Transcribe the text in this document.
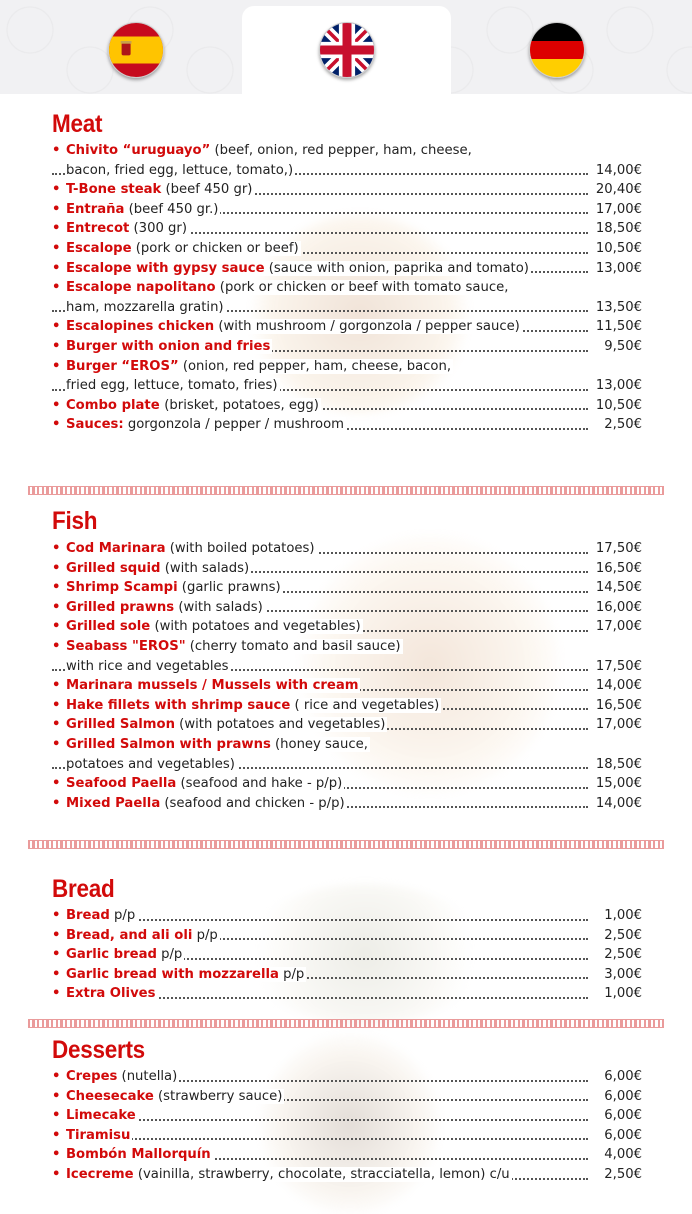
Meat
• Chivito “uruguayo” (beef, onion, red pepper, ham, cheese,
bacon, fried egg, lettuce, tomato,)	14,00€
• T-Bone steak (beef 450 gr)	20,40€
• Entraña (beef 450 gr.)	17,00€
• Entrecot (300 gr)	18,50€
• Escalope (pork or chicken or beef)	10,50€
• Escalope with gypsy sauce (sauce with onion, paprika and tomato)	13,00€
• Escalope napolitano (pork or chicken or beef with tomato sauce,
ham, mozzarella gratin)	13,50€
• Escalopines chicken (with mushroom / gorgonzola / pepper sauce)	11,50€
• Burger with onion and fries	9,50€
• Burger “EROS” (onion, red pepper, ham, cheese, bacon,
fried egg, lettuce, tomato, fries)	13,00€
• Combo plate (brisket, potatoes, egg)	10,50€
• Sauces: gorgonzola / pepper / mushroom	2,50€
Fish
• Cod Marinara (with boiled potatoes)	17,50€
• Grilled squid (with salads)	16,50€
• Shrimp Scampi (garlic prawns)	14,50€
• Grilled prawns (with salads)	16,00€
• Grilled sole (with potatoes and vegetables)	17,00€
• Seabass "EROS" (cherry tomato and basil sauce)
with rice and vegetables	17,50€
• Marinara mussels / Mussels with cream	14,00€
• Hake fillets with shrimp sauce ( rice and vegetables)	16,50€
• Grilled Salmon (with potatoes and vegetables)	17,00€
• Grilled Salmon with prawns (honey sauce,
potatoes and vegetables)	18,50€
• Seafood Paella (seafood and hake - p/p)	15,00€
• Mixed Paella (seafood and chicken - p/p)	14,00€
Bread
• Bread p/p	1,00€
• Bread, and ali oli p/p	2,50€
• Garlic bread p/p	2,50€
• Garlic bread with mozzarella p/p	3,00€
• Extra Olives	1,00€
Desserts
• Crepes (nutella)	6,00€
• Cheesecake (strawberry sauce)	6,00€
• Limecake	6,00€
• Tiramisu	6,00€
• Bombón Mallorquín	4,00€
• Icecreme (vainilla, strawberry, chocolate, stracciatella, lemon) c/u	2,50€
